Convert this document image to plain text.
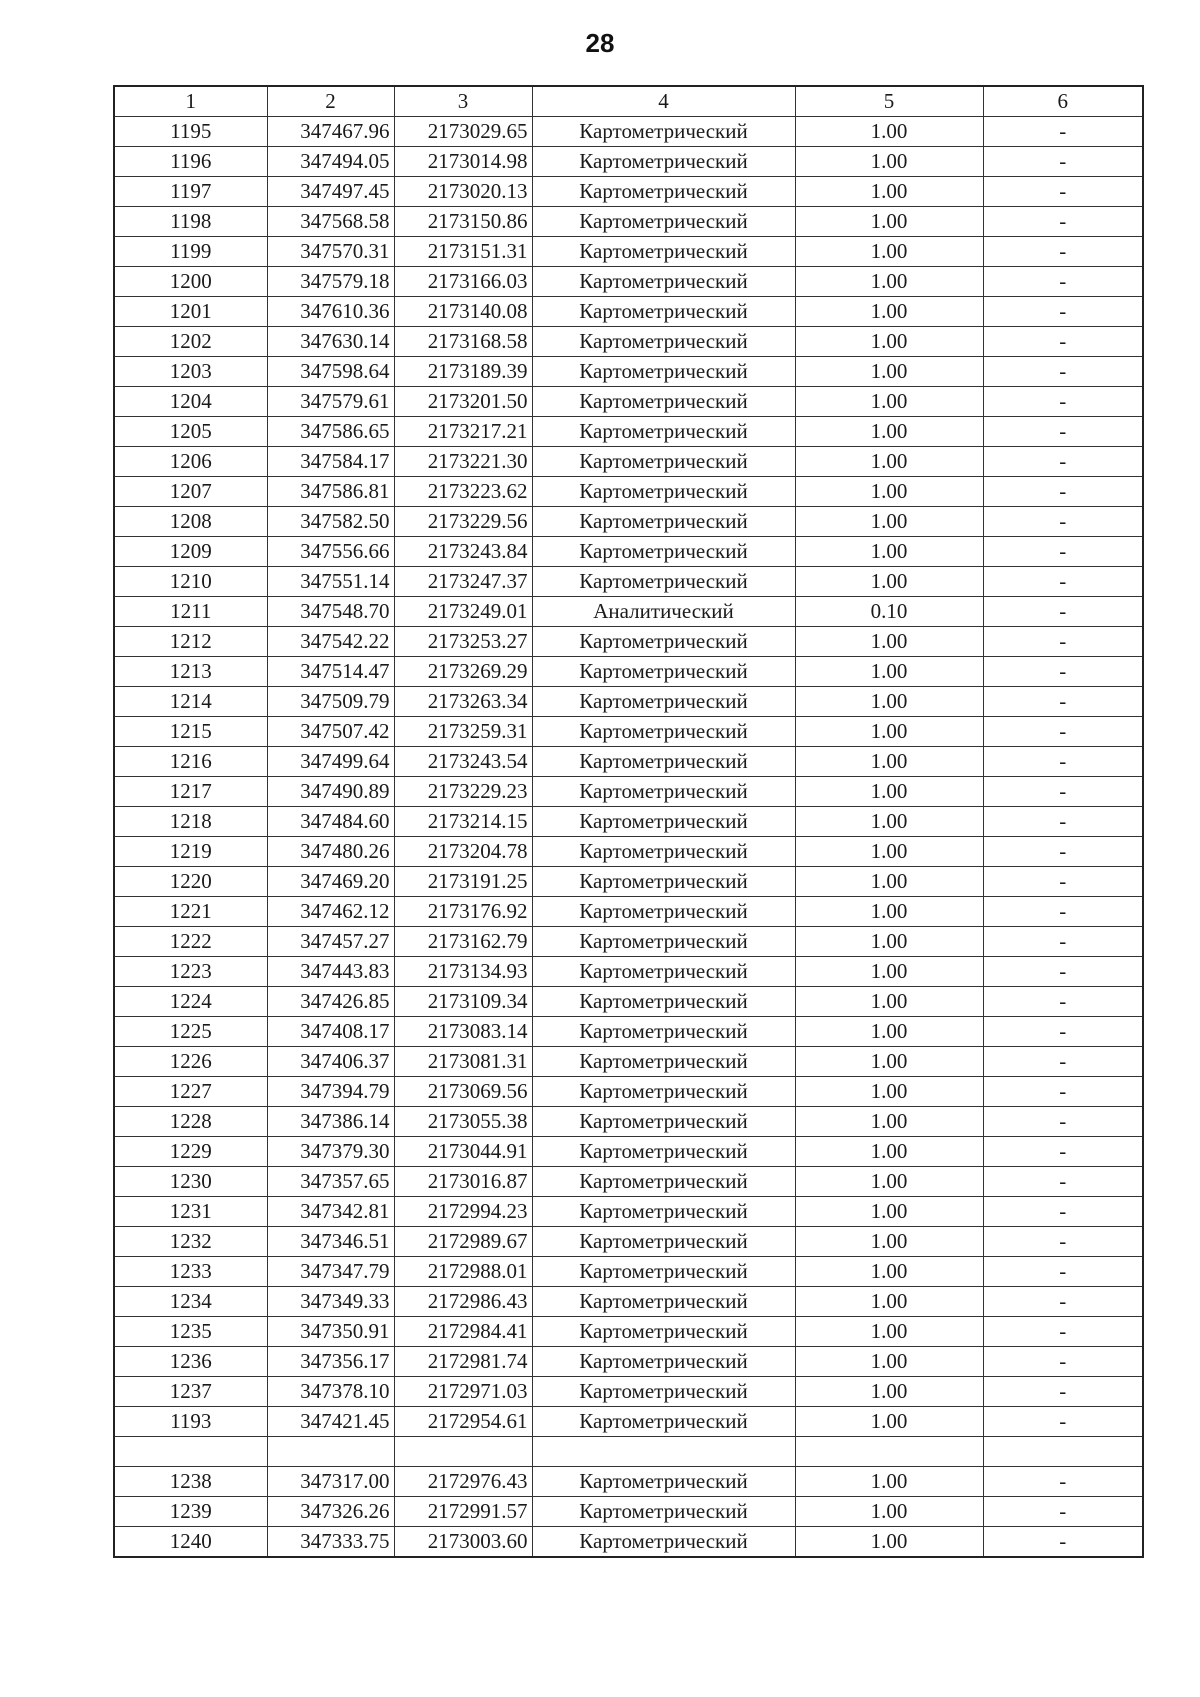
28
1	2	3	4	5	6
1195	347467.96	2173029.65	Картометрический	1.00	-
1196	347494.05	2173014.98	Картометрический	1.00	-
1197	347497.45	2173020.13	Картометрический	1.00	-
1198	347568.58	2173150.86	Картометрический	1.00	-
1199	347570.31	2173151.31	Картометрический	1.00	-
1200	347579.18	2173166.03	Картометрический	1.00	-
1201	347610.36	2173140.08	Картометрический	1.00	-
1202	347630.14	2173168.58	Картометрический	1.00	-
1203	347598.64	2173189.39	Картометрический	1.00	-
1204	347579.61	2173201.50	Картометрический	1.00	-
1205	347586.65	2173217.21	Картометрический	1.00	-
1206	347584.17	2173221.30	Картометрический	1.00	-
1207	347586.81	2173223.62	Картометрический	1.00	-
1208	347582.50	2173229.56	Картометрический	1.00	-
1209	347556.66	2173243.84	Картометрический	1.00	-
1210	347551.14	2173247.37	Картометрический	1.00	-
1211	347548.70	2173249.01	Аналитический	0.10	-
1212	347542.22	2173253.27	Картометрический	1.00	-
1213	347514.47	2173269.29	Картометрический	1.00	-
1214	347509.79	2173263.34	Картометрический	1.00	-
1215	347507.42	2173259.31	Картометрический	1.00	-
1216	347499.64	2173243.54	Картометрический	1.00	-
1217	347490.89	2173229.23	Картометрический	1.00	-
1218	347484.60	2173214.15	Картометрический	1.00	-
1219	347480.26	2173204.78	Картометрический	1.00	-
1220	347469.20	2173191.25	Картометрический	1.00	-
1221	347462.12	2173176.92	Картометрический	1.00	-
1222	347457.27	2173162.79	Картометрический	1.00	-
1223	347443.83	2173134.93	Картометрический	1.00	-
1224	347426.85	2173109.34	Картометрический	1.00	-
1225	347408.17	2173083.14	Картометрический	1.00	-
1226	347406.37	2173081.31	Картометрический	1.00	-
1227	347394.79	2173069.56	Картометрический	1.00	-
1228	347386.14	2173055.38	Картометрический	1.00	-
1229	347379.30	2173044.91	Картометрический	1.00	-
1230	347357.65	2173016.87	Картометрический	1.00	-
1231	347342.81	2172994.23	Картометрический	1.00	-
1232	347346.51	2172989.67	Картометрический	1.00	-
1233	347347.79	2172988.01	Картометрический	1.00	-
1234	347349.33	2172986.43	Картометрический	1.00	-
1235	347350.91	2172984.41	Картометрический	1.00	-
1236	347356.17	2172981.74	Картометрический	1.00	-
1237	347378.10	2172971.03	Картометрический	1.00	-
1193	347421.45	2172954.61	Картометрический	1.00	-

1238	347317.00	2172976.43	Картометрический	1.00	-
1239	347326.26	2172991.57	Картометрический	1.00	-
1240	347333.75	2173003.60	Картометрический	1.00	-
